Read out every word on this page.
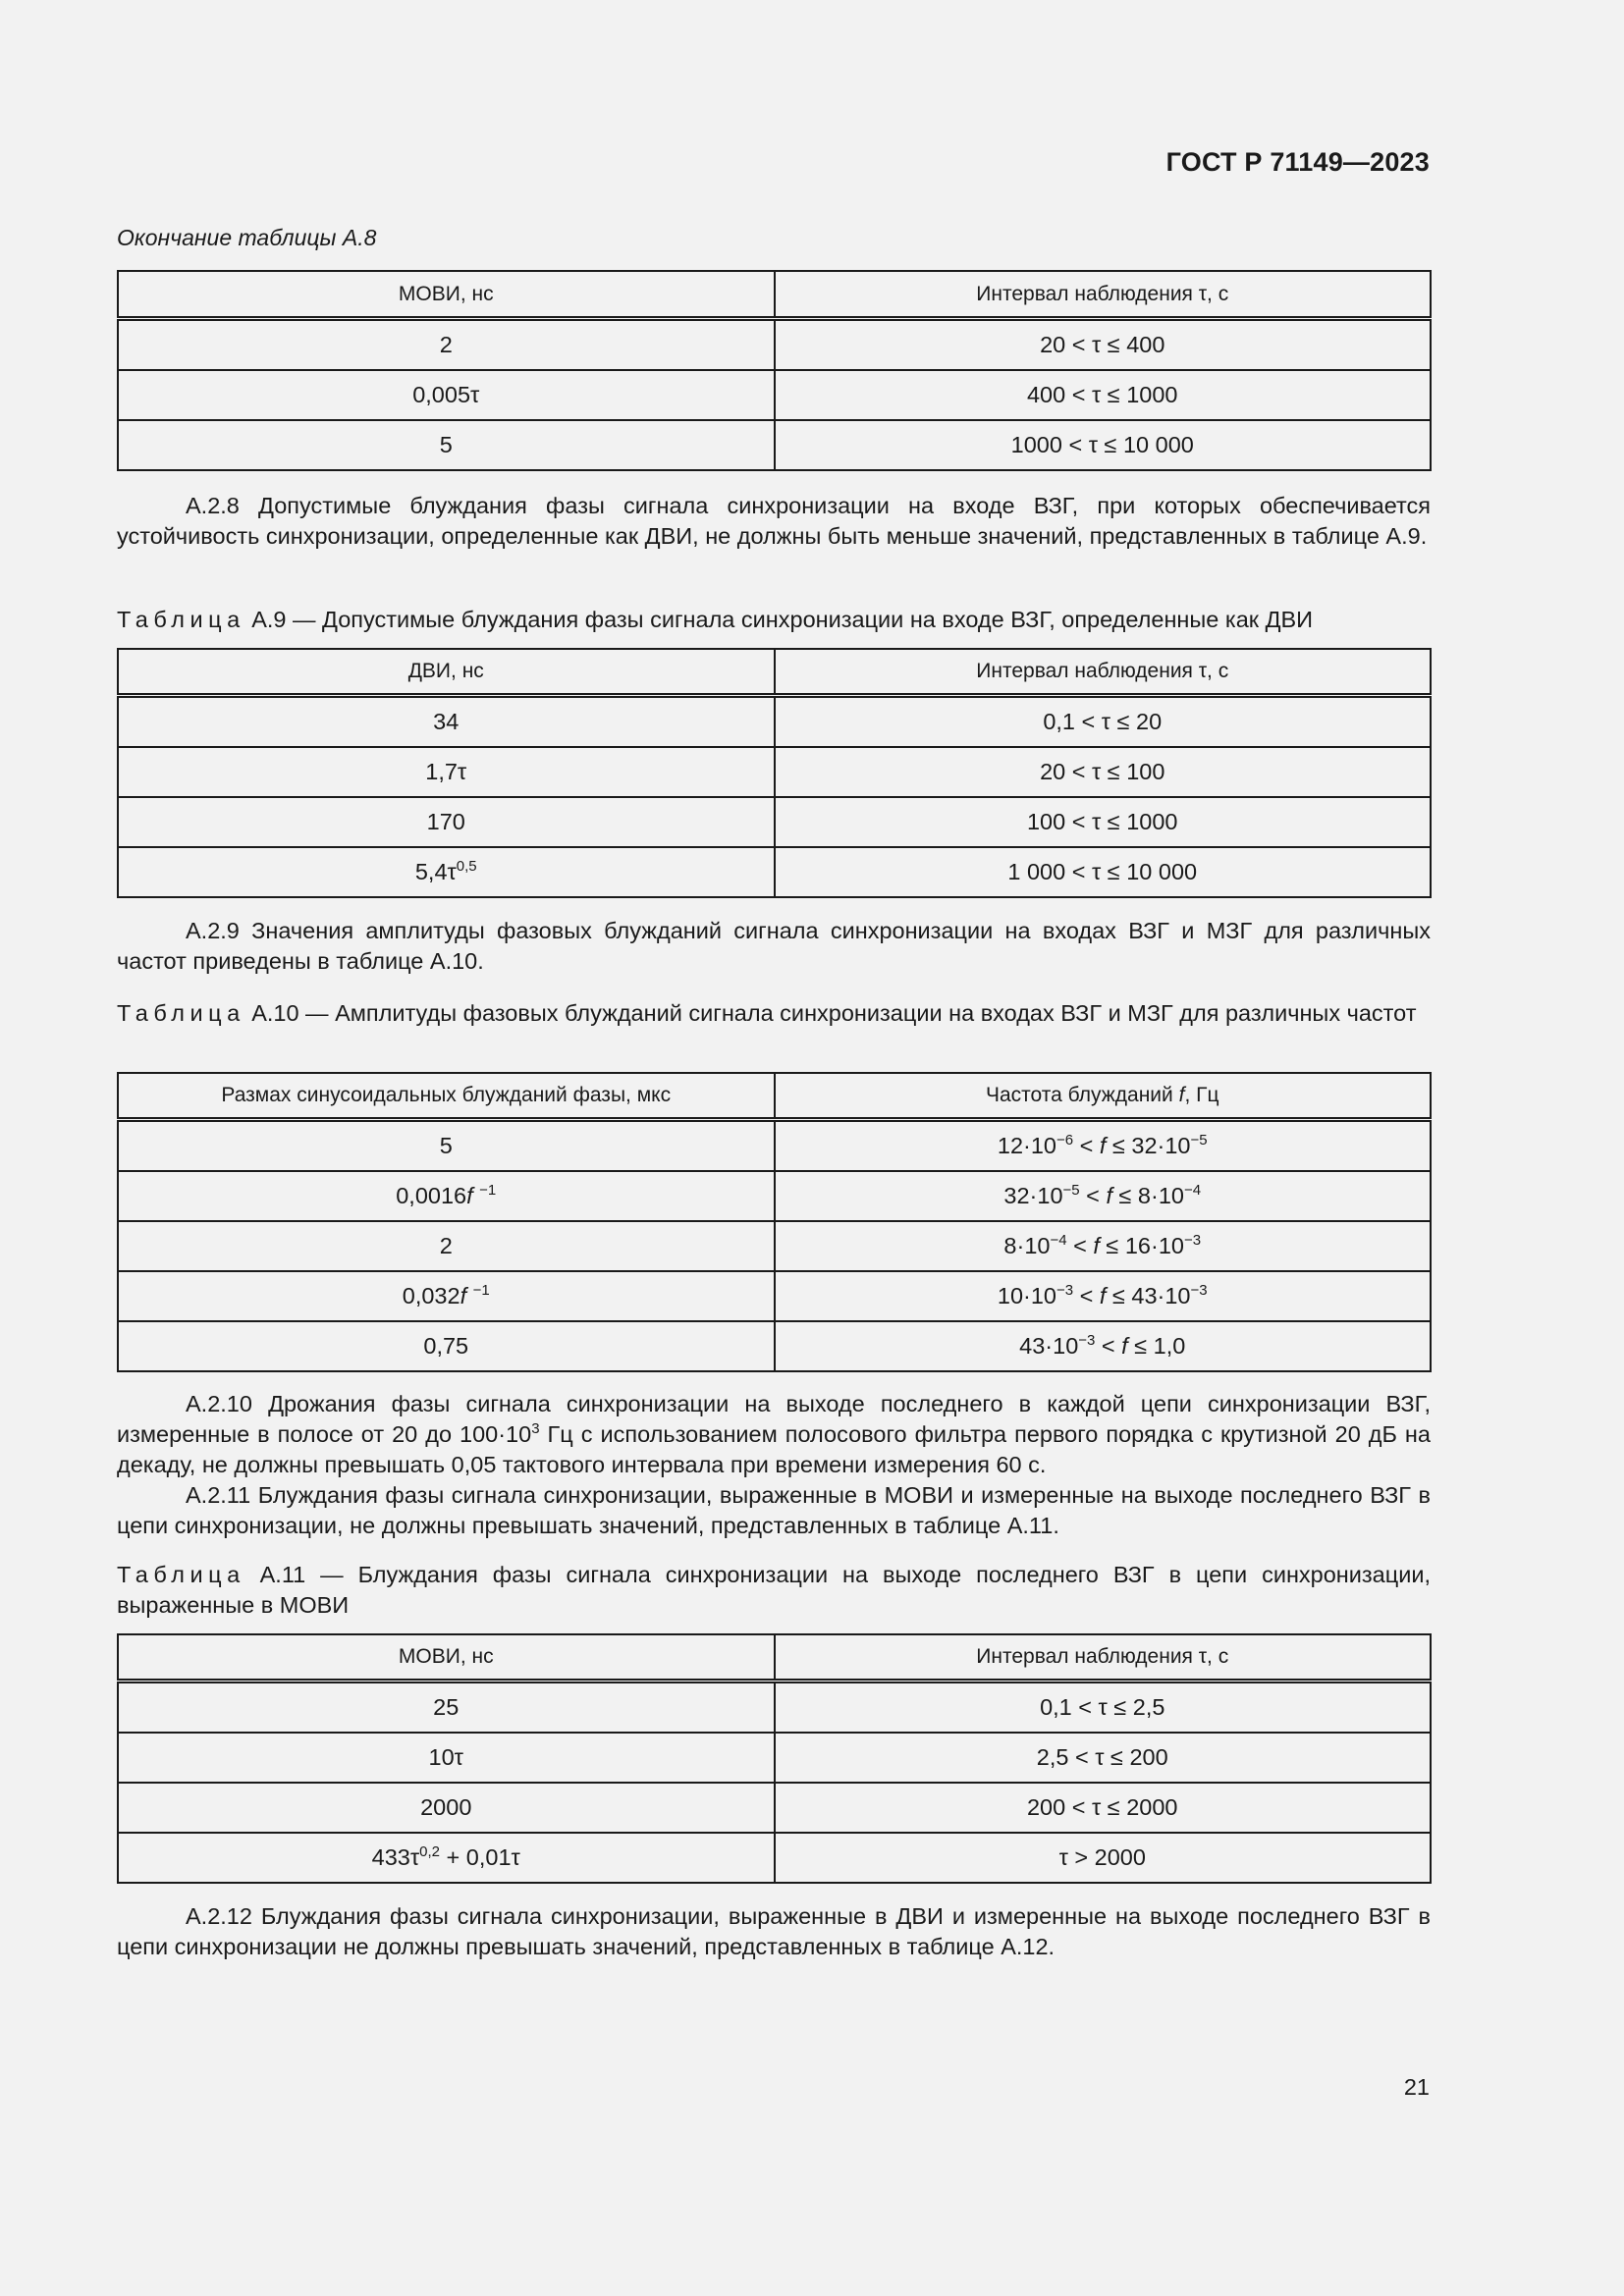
ГОСТ Р 71149—2023
Окончание таблицы А.8
МОВИ, нс	Интервал наблюдения τ, с
2	20 < τ ≤ 400
0,005τ	400 < τ ≤ 1000
5	1000 < τ ≤ 10 000

А.2.8 Допустимые блуждания фазы сигнала синхронизации на входе ВЗГ, при которых обеспечивается устойчивость синхронизации, определенные как ДВИ, не должны быть меньше значений, представленных в таблице А.9.

Таблица А.9 — Допустимые блуждания фазы сигнала синхронизации на входе ВЗГ, определенные как ДВИ

ДВИ, нс	Интервал наблюдения τ, с
34	0,1 < τ ≤ 20
1,7τ	20 < τ ≤ 100
170	100 < τ ≤ 1000
$5,4\tau^{0,5}$	1 000 < τ ≤ 10 000

А.2.9 Значения амплитуды фазовых блужданий сигнала синхронизации на входах ВЗГ и МЗГ для различных частот приведены в таблице А.10.

Таблица А.10 — Амплитуды фазовых блужданий сигнала синхронизации на входах ВЗГ и МЗГ для различных частот

Размах синусоидальных блужданий фазы, мкс	Частота блужданий f, Гц
5	$12\cdot 10^{-6} < f \le 32\cdot 10^{-5}$
0,0016f $^{-1}$	$32\cdot 10^{-5} < f \le 8\cdot 10^{-4}$
2	$8\cdot 10^{-4} < f \le 16\cdot 10^{-3}$
0,032f $^{-1}$	$10\cdot 10^{-3} < f \le 43\cdot 10^{-3}$
0,75	$43\cdot 10^{-3} < f \le 1,0$

А.2.10 Дрожания фазы сигнала синхронизации на выходе последнего в каждой цепи синхронизации ВЗГ, измеренные в полосе от 20 до $100\cdot 10^3$ Гц с использованием полосового фильтра первого порядка с крутизной 20 дБ на декаду, не должны превышать 0,05 тактового интервала при времени измерения 60 с.

А.2.11 Блуждания фазы сигнала синхронизации, выраженные в МОВИ и измеренные на выходе последнего ВЗГ в цепи синхронизации, не должны превышать значений, представленных в таблице А.11.

Таблица А.11 — Блуждания фазы сигнала синхронизации на выходе последнего ВЗГ в цепи синхронизации, выраженные в МОВИ

МОВИ, нс	Интервал наблюдения τ, с
25	0,1 < τ ≤ 2,5
10τ	2,5 < τ ≤ 200
2000	200 < τ ≤ 2000
$433\tau^{0,2} + 0,01\tau$	τ > 2000

А.2.12 Блуждания фазы сигнала синхронизации, выраженные в ДВИ и измеренные на выходе последнего ВЗГ в цепи синхронизации не должны превышать значений, представленных в таблице А.12.

21
